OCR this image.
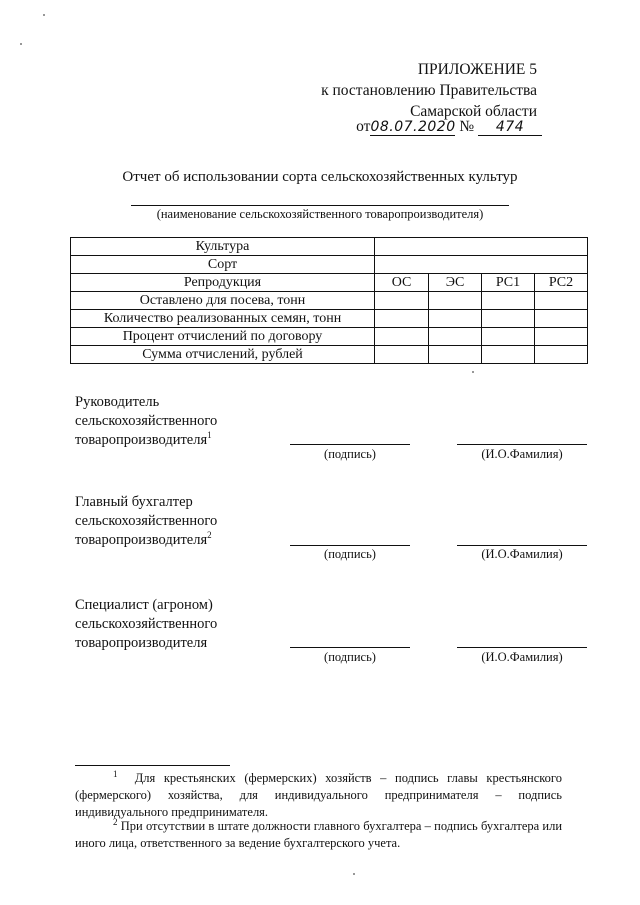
ПРИЛОЖЕНИЕ 5
к постановлению Правительства
Самарской области
от08.07.2020 № 474
Отчет об использовании сорта сельскохозяйственных культур
(наименование сельскохозяйственного товаропроизводителя)
Культура				
Сорт				
Репродукция	ОС	ЭС	РС1	РС2
Оставлено для посева, тонн				
Количество реализованных семян, тонн				
Процент отчислений по договору				
Сумма отчислений, рублей				
Руководитель
сельскохозяйственного
товаропроизводителя$^1$
(подпись)	(И.О.Фамилия)
Главный бухгалтер
сельскохозяйственного
товаропроизводителя$^2$
(подпись)	(И.О.Фамилия)
Специалист (агроном)
сельскохозяйственного
товаропроизводителя
(подпись)	(И.О.Фамилия)
$^1$ Для крестьянских (фермерских) хозяйств – подпись главы крестьянского (фермерского) хозяйства, для индивидуального предпринимателя – подпись индивидуального предпринимателя.
$^2$ При отсутствии в штате должности главного бухгалтера – подпись бухгалтера или иного лица, ответственного за ведение бухгалтерского учета.
